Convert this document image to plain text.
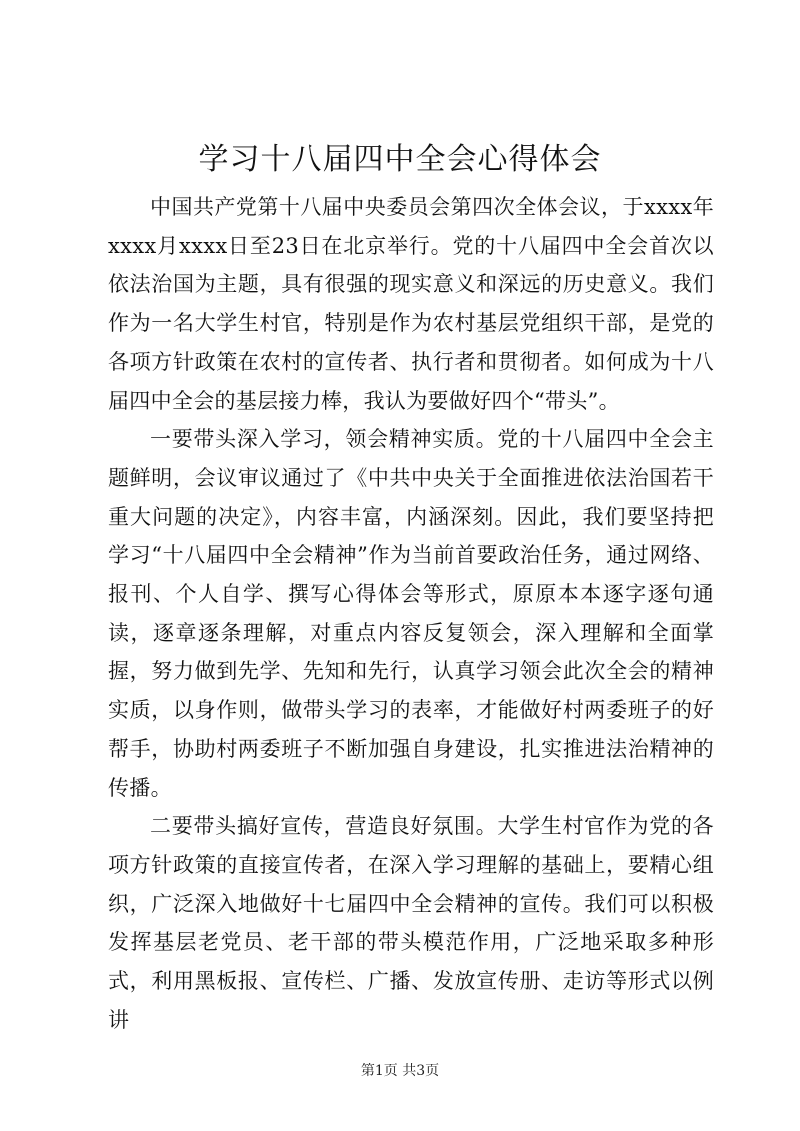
学习十八届四中全会心得体会

中国共产党第十八届中央委员会第四次全体会议，于xxxx年xxxx月xxxx日至23日在北京举行。党的十八届四中全会首次以依法治国为主题，具有很强的现实意义和深远的历史意义。我们作为一名大学生村官，特别是作为农村基层党组织干部，是党的各项方针政策在农村的宣传者、执行者和贯彻者。如何成为十八届四中全会的基层接力棒，我认为要做好四个“带头”。

一要带头深入学习，领会精神实质。党的十八届四中全会主题鲜明，会议审议通过了《中共中央关于全面推进依法治国若干重大问题的决定》，内容丰富，内涵深刻。因此，我们要坚持把学习“十八届四中全会精神”作为当前首要政治任务，通过网络、报刊、个人自学、撰写心得体会等形式，原原本本逐字逐句通读，逐章逐条理解，对重点内容反复领会，深入理解和全面掌握，努力做到先学、先知和先行，认真学习领会此次全会的精神实质，以身作则，做带头学习的表率，才能做好村两委班子的好帮手，协助村两委班子不断加强自身建设，扎实推进法治精神的传播。

二要带头搞好宣传，营造良好氛围。大学生村官作为党的各项方针政策的直接宣传者，在深入学习理解的基础上，要精心组织，广泛深入地做好十七届四中全会精神的宣传。我们可以积极发挥基层老党员、老干部的带头模范作用，广泛地采取多种形式，利用黑板报、宣传栏、广播、发放宣传册、走访等形式以例讲

第1页 共3页
